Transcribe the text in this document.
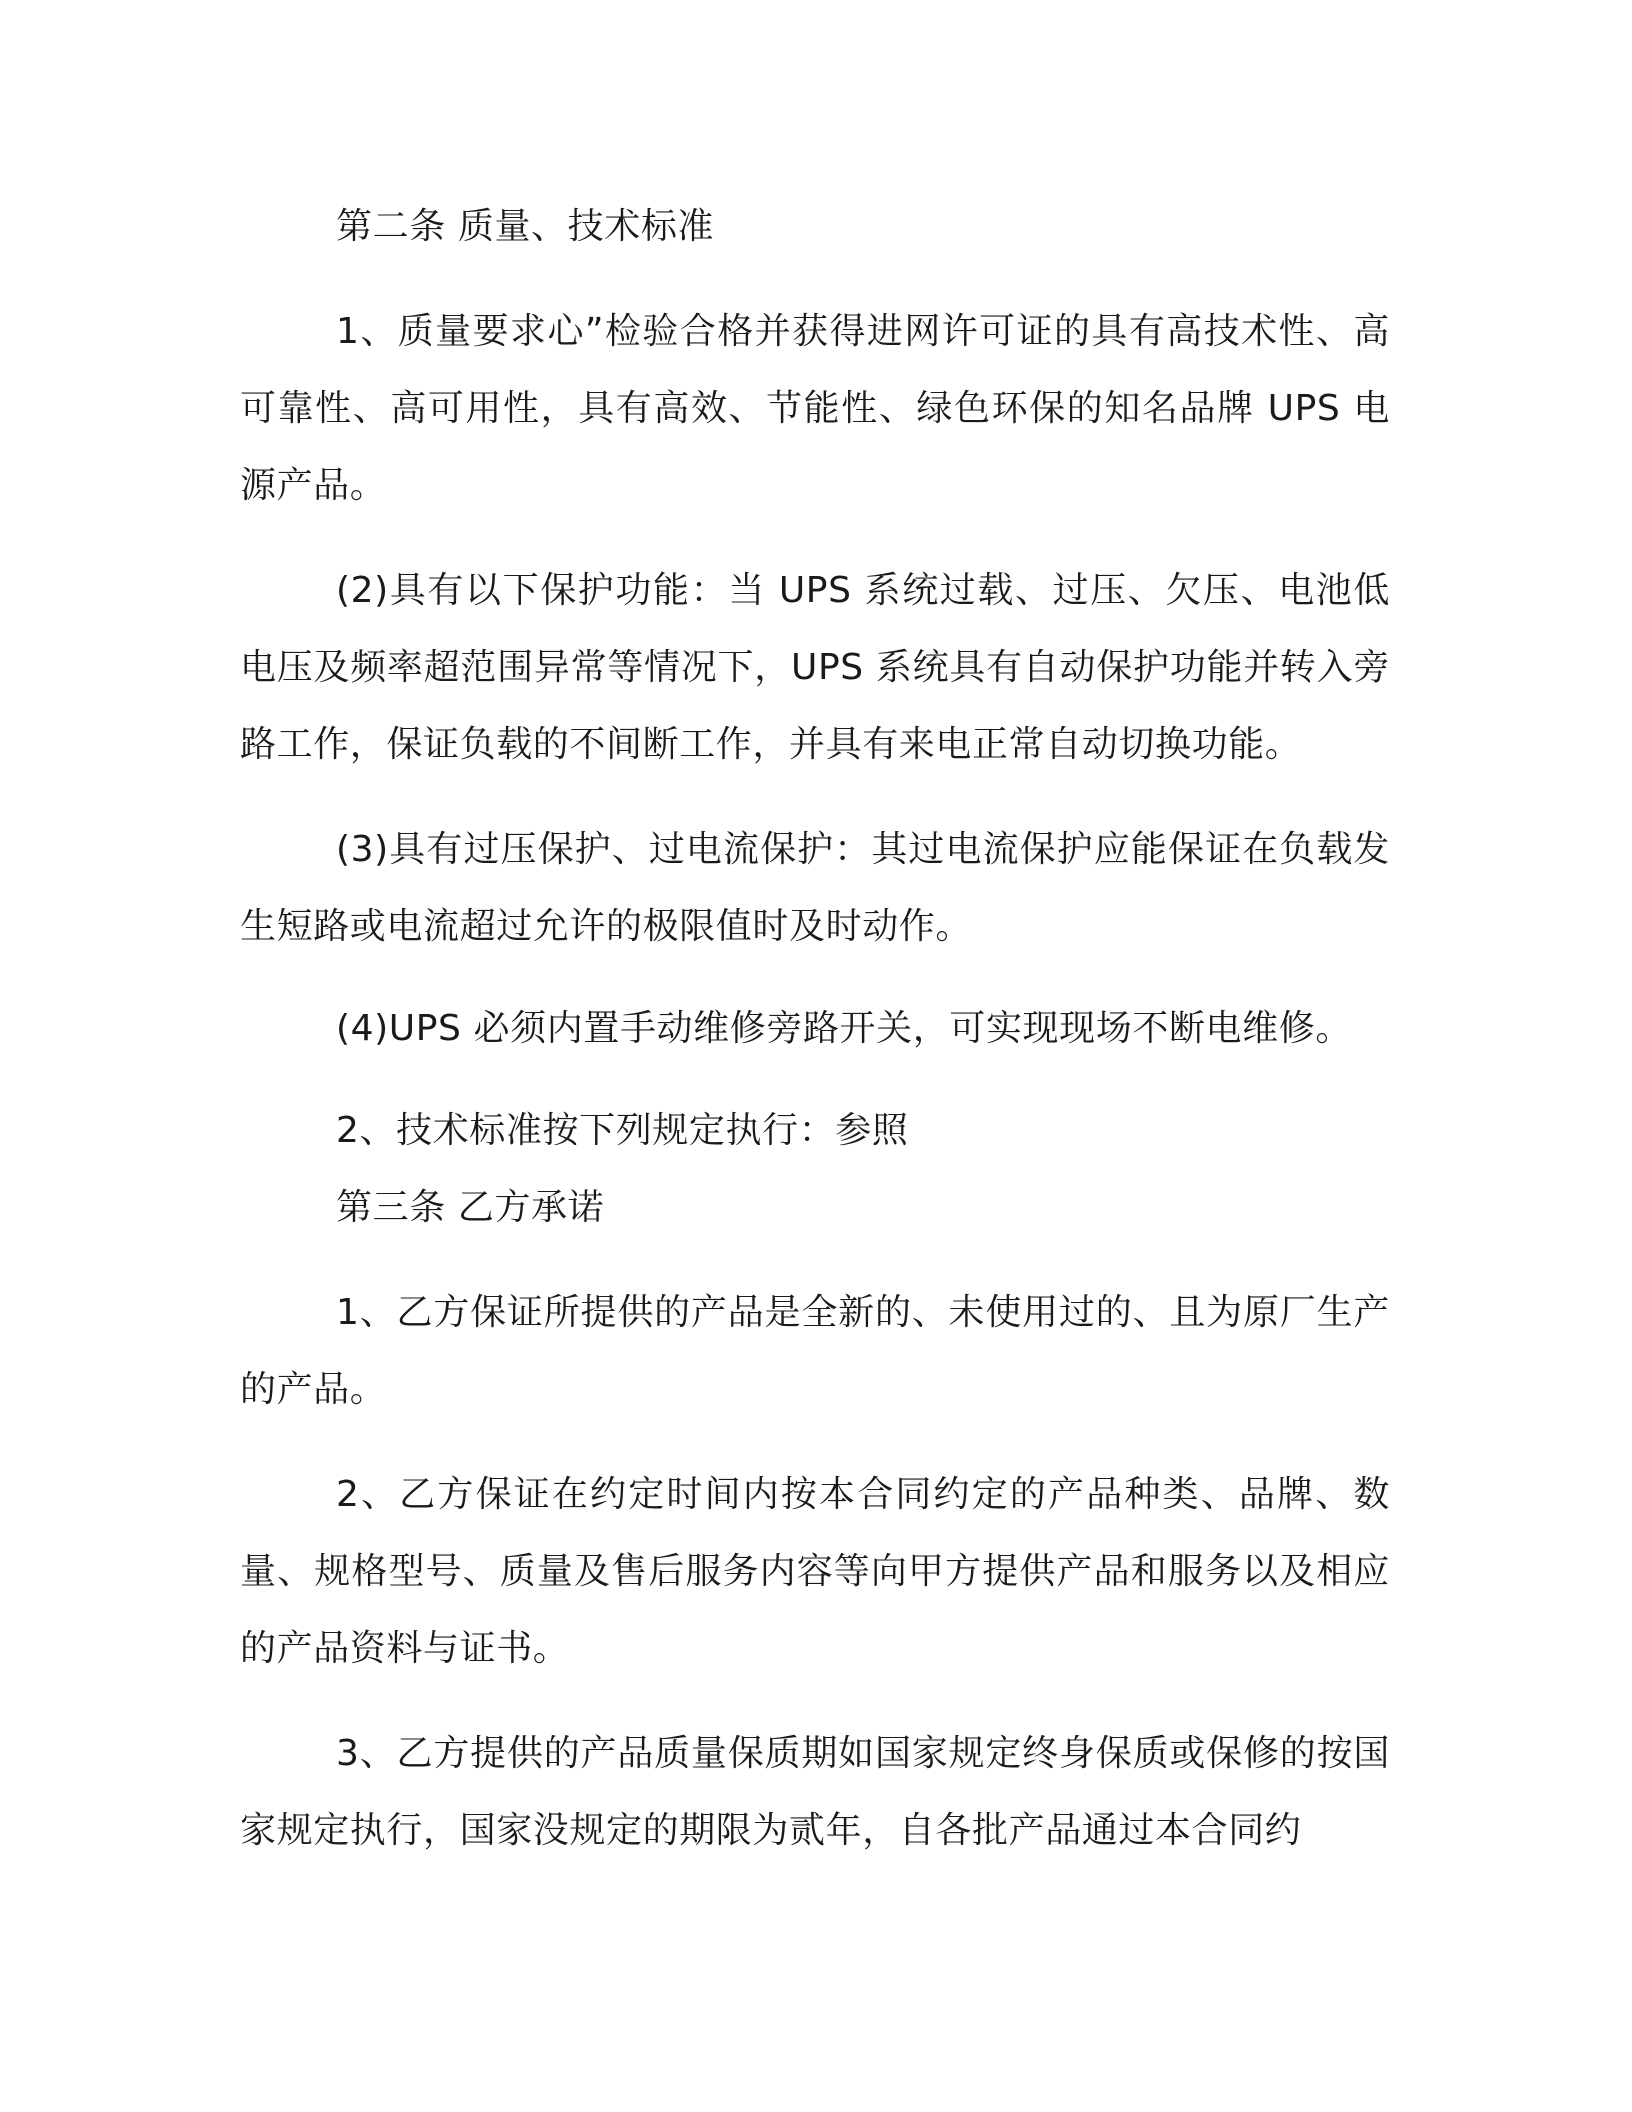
第二条 质量、技术标准

1、质量要求心”检验合格并获得进网许可证的具有高技术性、高可靠性、高可用性，具有高效、节能性、绿色环保的知名品牌 UPS 电源产品。

(2)具有以下保护功能：当 UPS 系统过载、过压、欠压、电池低电压及频率超范围异常等情况下，UPS 系统具有自动保护功能并转入旁路工作，保证负载的不间断工作，并具有来电正常自动切换功能。

(3)具有过压保护、过电流保护：其过电流保护应能保证在负载发生短路或电流超过允许的极限值时及时动作。

(4)UPS 必须内置手动维修旁路开关，可实现现场不断电维修。

2、技术标准按下列规定执行：参照

第三条 乙方承诺

1、乙方保证所提供的产品是全新的、未使用过的、且为原厂生产的产品。

2、乙方保证在约定时间内按本合同约定的产品种类、品牌、数量、规格型号、质量及售后服务内容等向甲方提供产品和服务以及相应的产品资料与证书。

3、乙方提供的产品质量保质期如国家规定终身保质或保修的按国家规定执行，国家没规定的期限为贰年，自各批产品通过本合同约
